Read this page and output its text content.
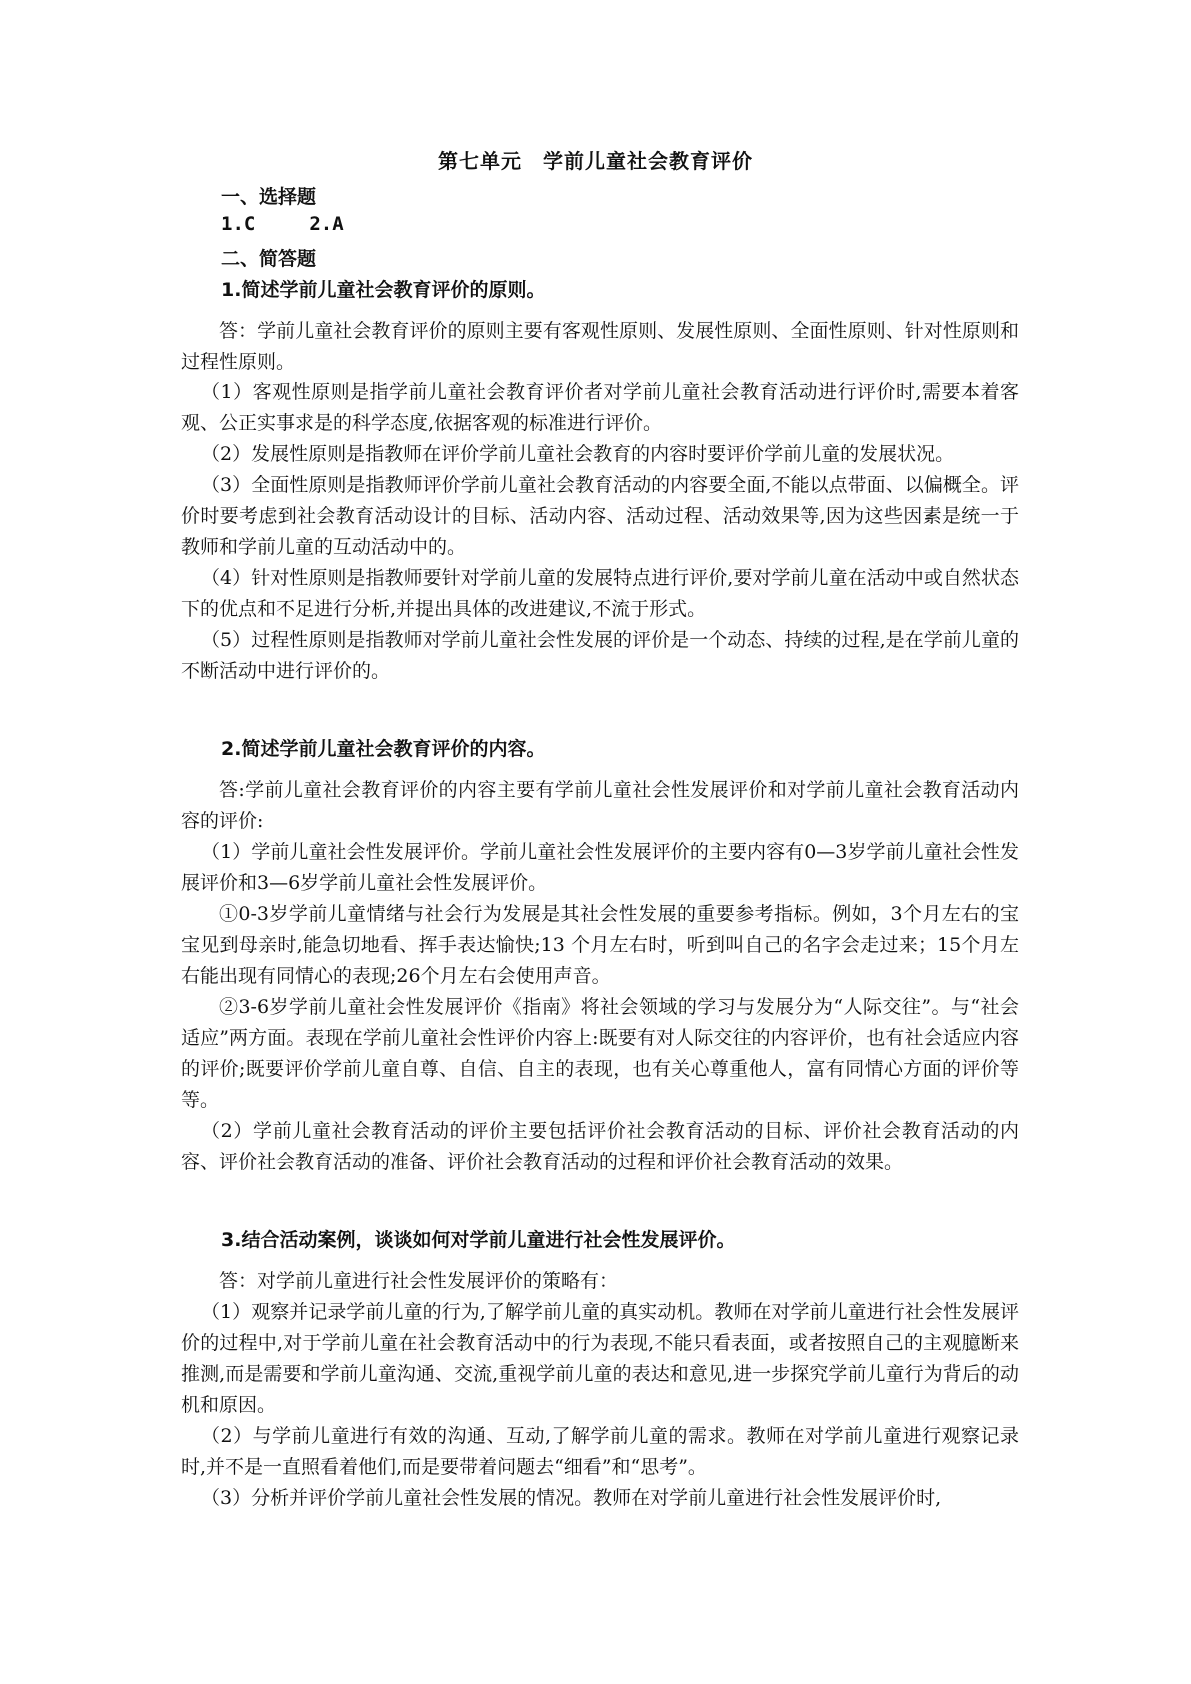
第七单元　学前儿童社会教育评价
一、选择题
1.C	2.A
二、简答题
1.简述学前儿童社会教育评价的原则。

答：学前儿童社会教育评价的原则主要有客观性原则、发展性原则、全面性原则、针对性原则和过程性原则。

（1）客观性原则是指学前儿童社会教育评价者对学前儿童社会教育活动进行评价时,需要本着客观、公正实事求是的科学态度,依据客观的标准进行评价。

（2）发展性原则是指教师在评价学前儿童社会教育的内容时要评价学前儿童的发展状况。

（3）全面性原则是指教师评价学前儿童社会教育活动的内容要全面,不能以点带面、以偏概全。评价时要考虑到社会教育活动设计的目标、活动内容、活动过程、活动效果等,因为这些因素是统一于教师和学前儿童的互动活动中的。

（4）针对性原则是指教师要针对学前儿童的发展特点进行评价,要对学前儿童在活动中或自然状态下的优点和不足进行分析,并提出具体的改进建议,不流于形式。

（5）过程性原则是指教师对学前儿童社会性发展的评价是一个动态、持续的过程,是在学前儿童的不断活动中进行评价的。

2.简述学前儿童社会教育评价的内容。

答:学前儿童社会教育评价的内容主要有学前儿童社会性发展评价和对学前儿童社会教育活动内容的评价:

（1）学前儿童社会性发展评价。学前儿童社会性发展评价的主要内容有0—3岁学前儿童社会性发展评价和3—6岁学前儿童社会性发展评价。

①0-3岁学前儿童情绪与社会行为发展是其社会性发展的重要参考指标。例如，3个月左右的宝宝见到母亲时,能急切地看、挥手表达愉快;13 个月左右时，听到叫自己的名字会走过来；15个月左右能出现有同情心的表现;26个月左右会使用声音。

②3-6岁学前儿童社会性发展评价《指南》将社会领域的学习与发展分为“人际交往”。与“社会适应”两方面。表现在学前儿童社会性评价内容上:既要有对人际交往的内容评价，也有社会适应内容的评价;既要评价学前儿童自尊、自信、自主的表现，也有关心尊重他人，富有同情心方面的评价等等。

（2）学前儿童社会教育活动的评价主要包括评价社会教育活动的目标、评价社会教育活动的内容、评价社会教育活动的准备、评价社会教育活动的过程和评价社会教育活动的效果。

3.结合活动案例，谈谈如何对学前儿童进行社会性发展评价。

答：对学前儿童进行社会性发展评价的策略有：

（1）观察并记录学前儿童的行为,了解学前儿童的真实动机。教师在对学前儿童进行社会性发展评价的过程中,对于学前儿童在社会教育活动中的行为表现,不能只看表面，或者按照自己的主观臆断来推测,而是需要和学前儿童沟通、交流,重视学前儿童的表达和意见,进一步探究学前儿童行为背后的动机和原因。

（2）与学前儿童进行有效的沟通、互动,了解学前儿童的需求。教师在对学前儿童进行观察记录时,并不是一直照看着他们,而是要带着问题去“细看”和“思考”。

（3）分析并评价学前儿童社会性发展的情况。教师在对学前儿童进行社会性发展评价时,
